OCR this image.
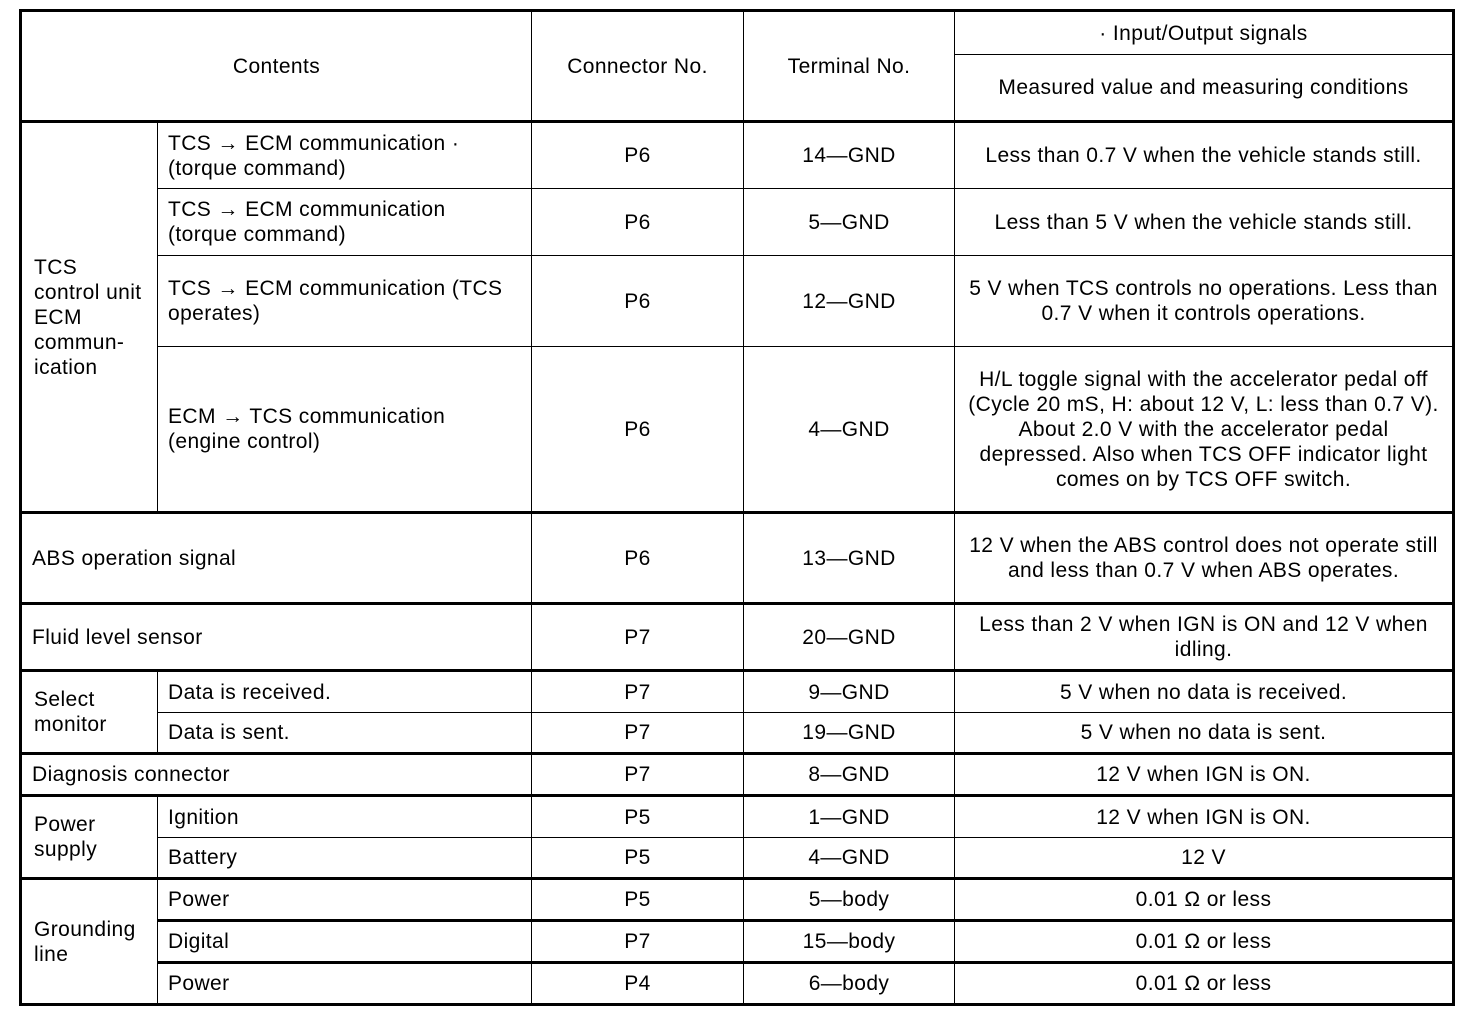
Contents		Connector No.	Terminal No.	· Input/Output signals
				Measured value and measuring conditions
TCS control unit ECM commun-ication	TCS → ECM communication · (torque command)	P6	14—GND	Less than 0.7 V when the vehicle stands still.
	TCS → ECM communication (torque command)	P6	5—GND	Less than 5 V when the vehicle stands still.
	TCS → ECM communication (TCS operates)	P6	12—GND	5 V when TCS controls no operations. Less than 0.7 V when it controls operations.
	ECM → TCS communication (engine control)	P6	4—GND	H/L toggle signal with the accelerator pedal off (Cycle 20 mS, H: about 12 V, L: less than 0.7 V). About 2.0 V with the accelerator pedal depressed. Also when TCS OFF indicator light comes on by TCS OFF switch.
ABS operation signal		P6	13—GND	12 V when the ABS control does not operate still and less than 0.7 V when ABS operates.
Fluid level sensor		P7	20—GND	Less than 2 V when IGN is ON and 12 V when idling.
Select monitor	Data is received.	P7	9—GND	5 V when no data is received.
	Data is sent.	P7	19—GND	5 V when no data is sent.
Diagnosis connector		P7	8—GND	12 V when IGN is ON.
Power supply	Ignition	P5	1—GND	12 V when IGN is ON.
	Battery	P5	4—GND	12 V
Grounding line	Power	P5	5—body	0.01 Ω or less
	Digital	P7	15—body	0.01 Ω or less
	Power	P4	6—body	0.01 Ω or less
